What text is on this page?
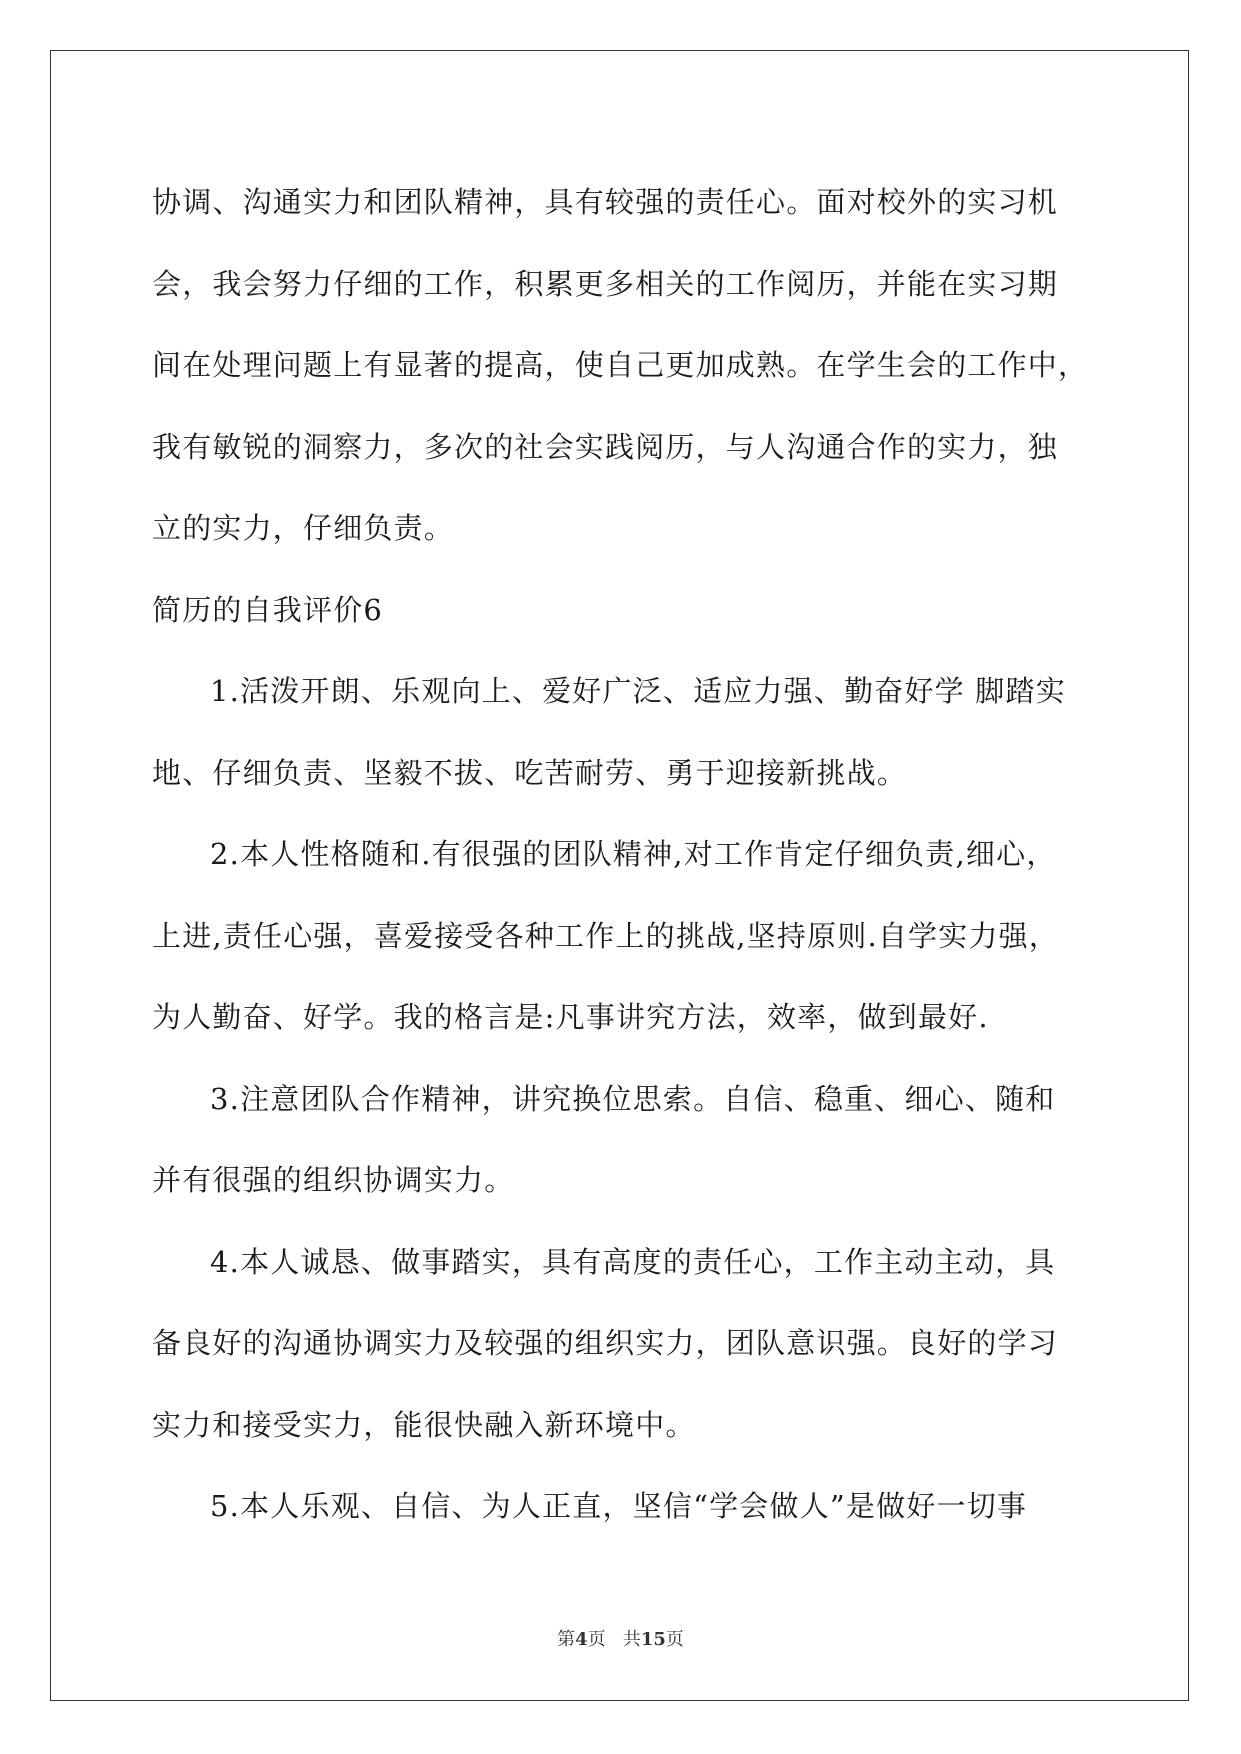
协调、沟通实力和团队精神，具有较强的责任心。面对校外的实习机
会，我会努力仔细的工作，积累更多相关的工作阅历，并能在实习期
间在处理问题上有显著的提高，使自己更加成熟。在学生会的工作中，
我有敏锐的洞察力，多次的社会实践阅历，与人沟通合作的实力，独
立的实力，仔细负责。
简历的自我评价6
1.活泼开朗、乐观向上、爱好广泛、适应力强、勤奋好学 脚踏实
地、仔细负责、坚毅不拔、吃苦耐劳、勇于迎接新挑战。
2.本人性格随和.有很强的团队精神,对工作肯定仔细负责,细心，
上进,责任心强，喜爱接受各种工作上的挑战,坚持原则.自学实力强，
为人勤奋、好学。我的格言是:凡事讲究方法，效率，做到最好.
3.注意团队合作精神，讲究换位思索。自信、稳重、细心、随和
并有很强的组织协调实力。
4.本人诚恳、做事踏实，具有高度的责任心，工作主动主动，具
备良好的沟通协调实力及较强的组织实力，团队意识强。良好的学习
实力和接受实力，能很快融入新环境中。
5.本人乐观、自信、为人正直，坚信“学会做人”是做好一切事
第4页 共15页
